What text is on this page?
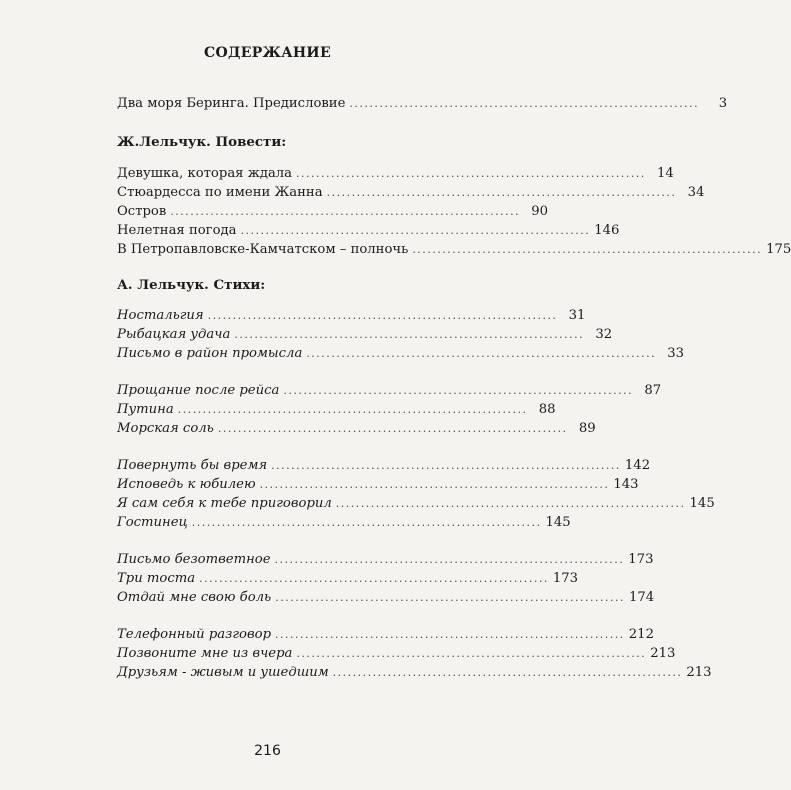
СОДЕРЖАНИЕ
Два моря Беринга. Предисловие ......................................................................	3
Ж.Лельчук. Повести:
Девушка, которая ждала ...................................................................... 14
Стюардесса по имени Жанна ...................................................................... 34
Остров ...................................................................... 90
Нелетная погода ...................................................................... 146
В Петропавловске-Камчатском – полночь ...................................................................... 175
А. Лельчук. Стихи:
Ностальгия ...................................................................... 31
Рыбацкая удача ...................................................................... 32
Письмо в район промысла ...................................................................... 33
Прощание после рейса ...................................................................... 87
Путина ...................................................................... 88
Морская соль ...................................................................... 89
Повернуть бы время ...................................................................... 142
Исповедь к юбилею ...................................................................... 143
Я сам себя к тебе приговорил ...................................................................... 145
Гостинец ...................................................................... 145
Письмо безответное ...................................................................... 173
Три тоста ...................................................................... 173
Отдай мне свою боль ...................................................................... 174
Телефонный разговор ...................................................................... 212
Позвоните мне из вчера ...................................................................... 213
Друзьям - живым и ушедшим ...................................................................... 213
216
